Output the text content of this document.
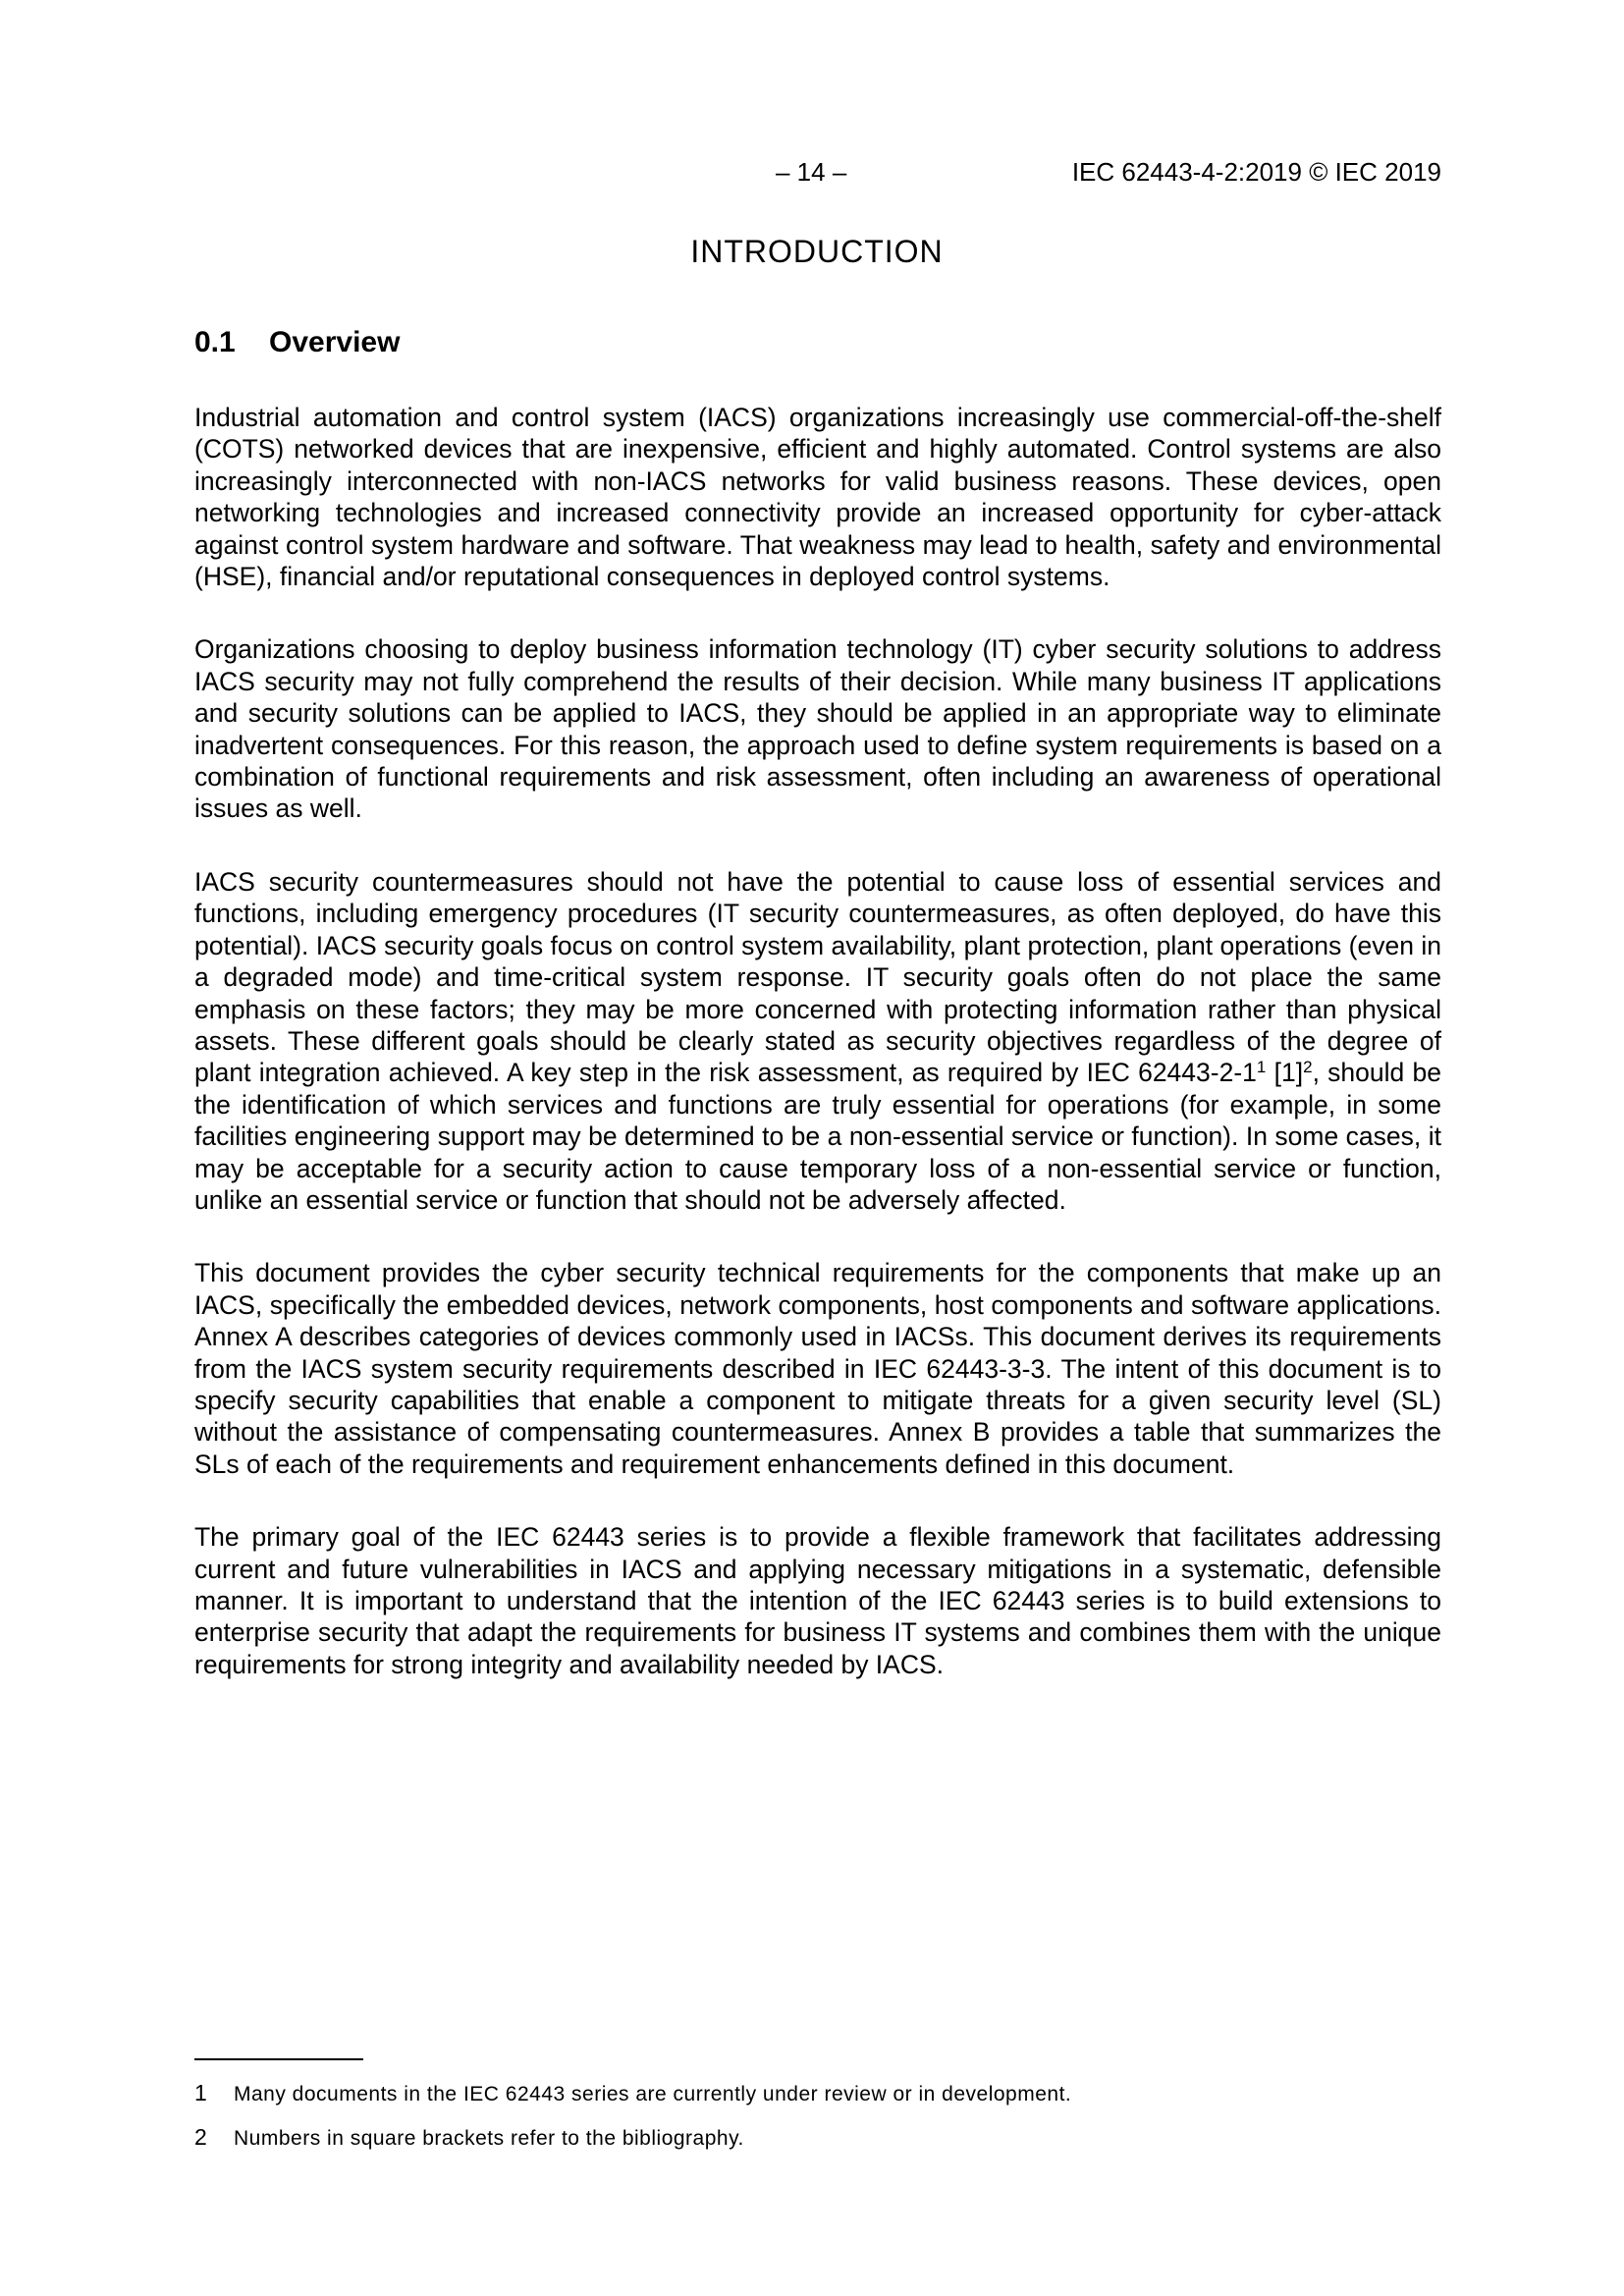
– 14 –	IEC 62443-4-2:2019 © IEC 2019
INTRODUCTION
0.1 Overview

Industrial automation and control system (IACS) organizations increasingly use commercial-off-the-shelf (COTS) networked devices that are inexpensive, efficient and highly automated. Control systems are also increasingly interconnected with non-IACS networks for valid business reasons. These devices, open networking technologies and increased connectivity provide an increased opportunity for cyber-attack against control system hardware and software. That weakness may lead to health, safety and environmental (HSE), financial and/or reputational consequences in deployed control systems.

Organizations choosing to deploy business information technology (IT) cyber security solutions to address IACS security may not fully comprehend the results of their decision. While many business IT applications and security solutions can be applied to IACS, they should be applied in an appropriate way to eliminate inadvertent consequences. For this reason, the approach used to define system requirements is based on a combination of functional requirements and risk assessment, often including an awareness of operational issues as well.

IACS security countermeasures should not have the potential to cause loss of essential services and functions, including emergency procedures (IT security countermeasures, as often deployed, do have this potential). IACS security goals focus on control system availability, plant protection, plant operations (even in a degraded mode) and time-critical system response. IT security goals often do not place the same emphasis on these factors; they may be more concerned with protecting information rather than physical assets. These different goals should be clearly stated as security objectives regardless of the degree of plant integration achieved. A key step in the risk assessment, as required by IEC $62443‑2‑1^1$ $[1]^2$, should be the identification of which services and functions are truly essential for operations (for example, in some facilities engineering support may be determined to be a non-essential service or function). In some cases, it may be acceptable for a security action to cause temporary loss of a non-essential service or function, unlike an essential service or function that should not be adversely affected.

This document provides the cyber security technical requirements for the components that make up an IACS, specifically the embedded devices, network components, host components and software applications. Annex A describes categories of devices commonly used in IACSs. This document derives its requirements from the IACS system security requirements described in IEC 62443‑3‑3. The intent of this document is to specify security capabilities that enable a component to mitigate threats for a given security level (SL) without the assistance of compensating countermeasures. Annex B provides a table that summarizes the SLs of each of the requirements and requirement enhancements defined in this document.

The primary goal of the IEC 62443 series is to provide a flexible framework that facilitates addressing current and future vulnerabilities in IACS and applying necessary mitigations in a systematic, defensible manner. It is important to understand that the intention of the IEC 62443 series is to build extensions to enterprise security that adapt the requirements for business IT systems and combines them with the unique requirements for strong integrity and availability needed by IACS.

1 Many documents in the IEC 62443 series are currently under review or in development.
2 Numbers in square brackets refer to the bibliography.
